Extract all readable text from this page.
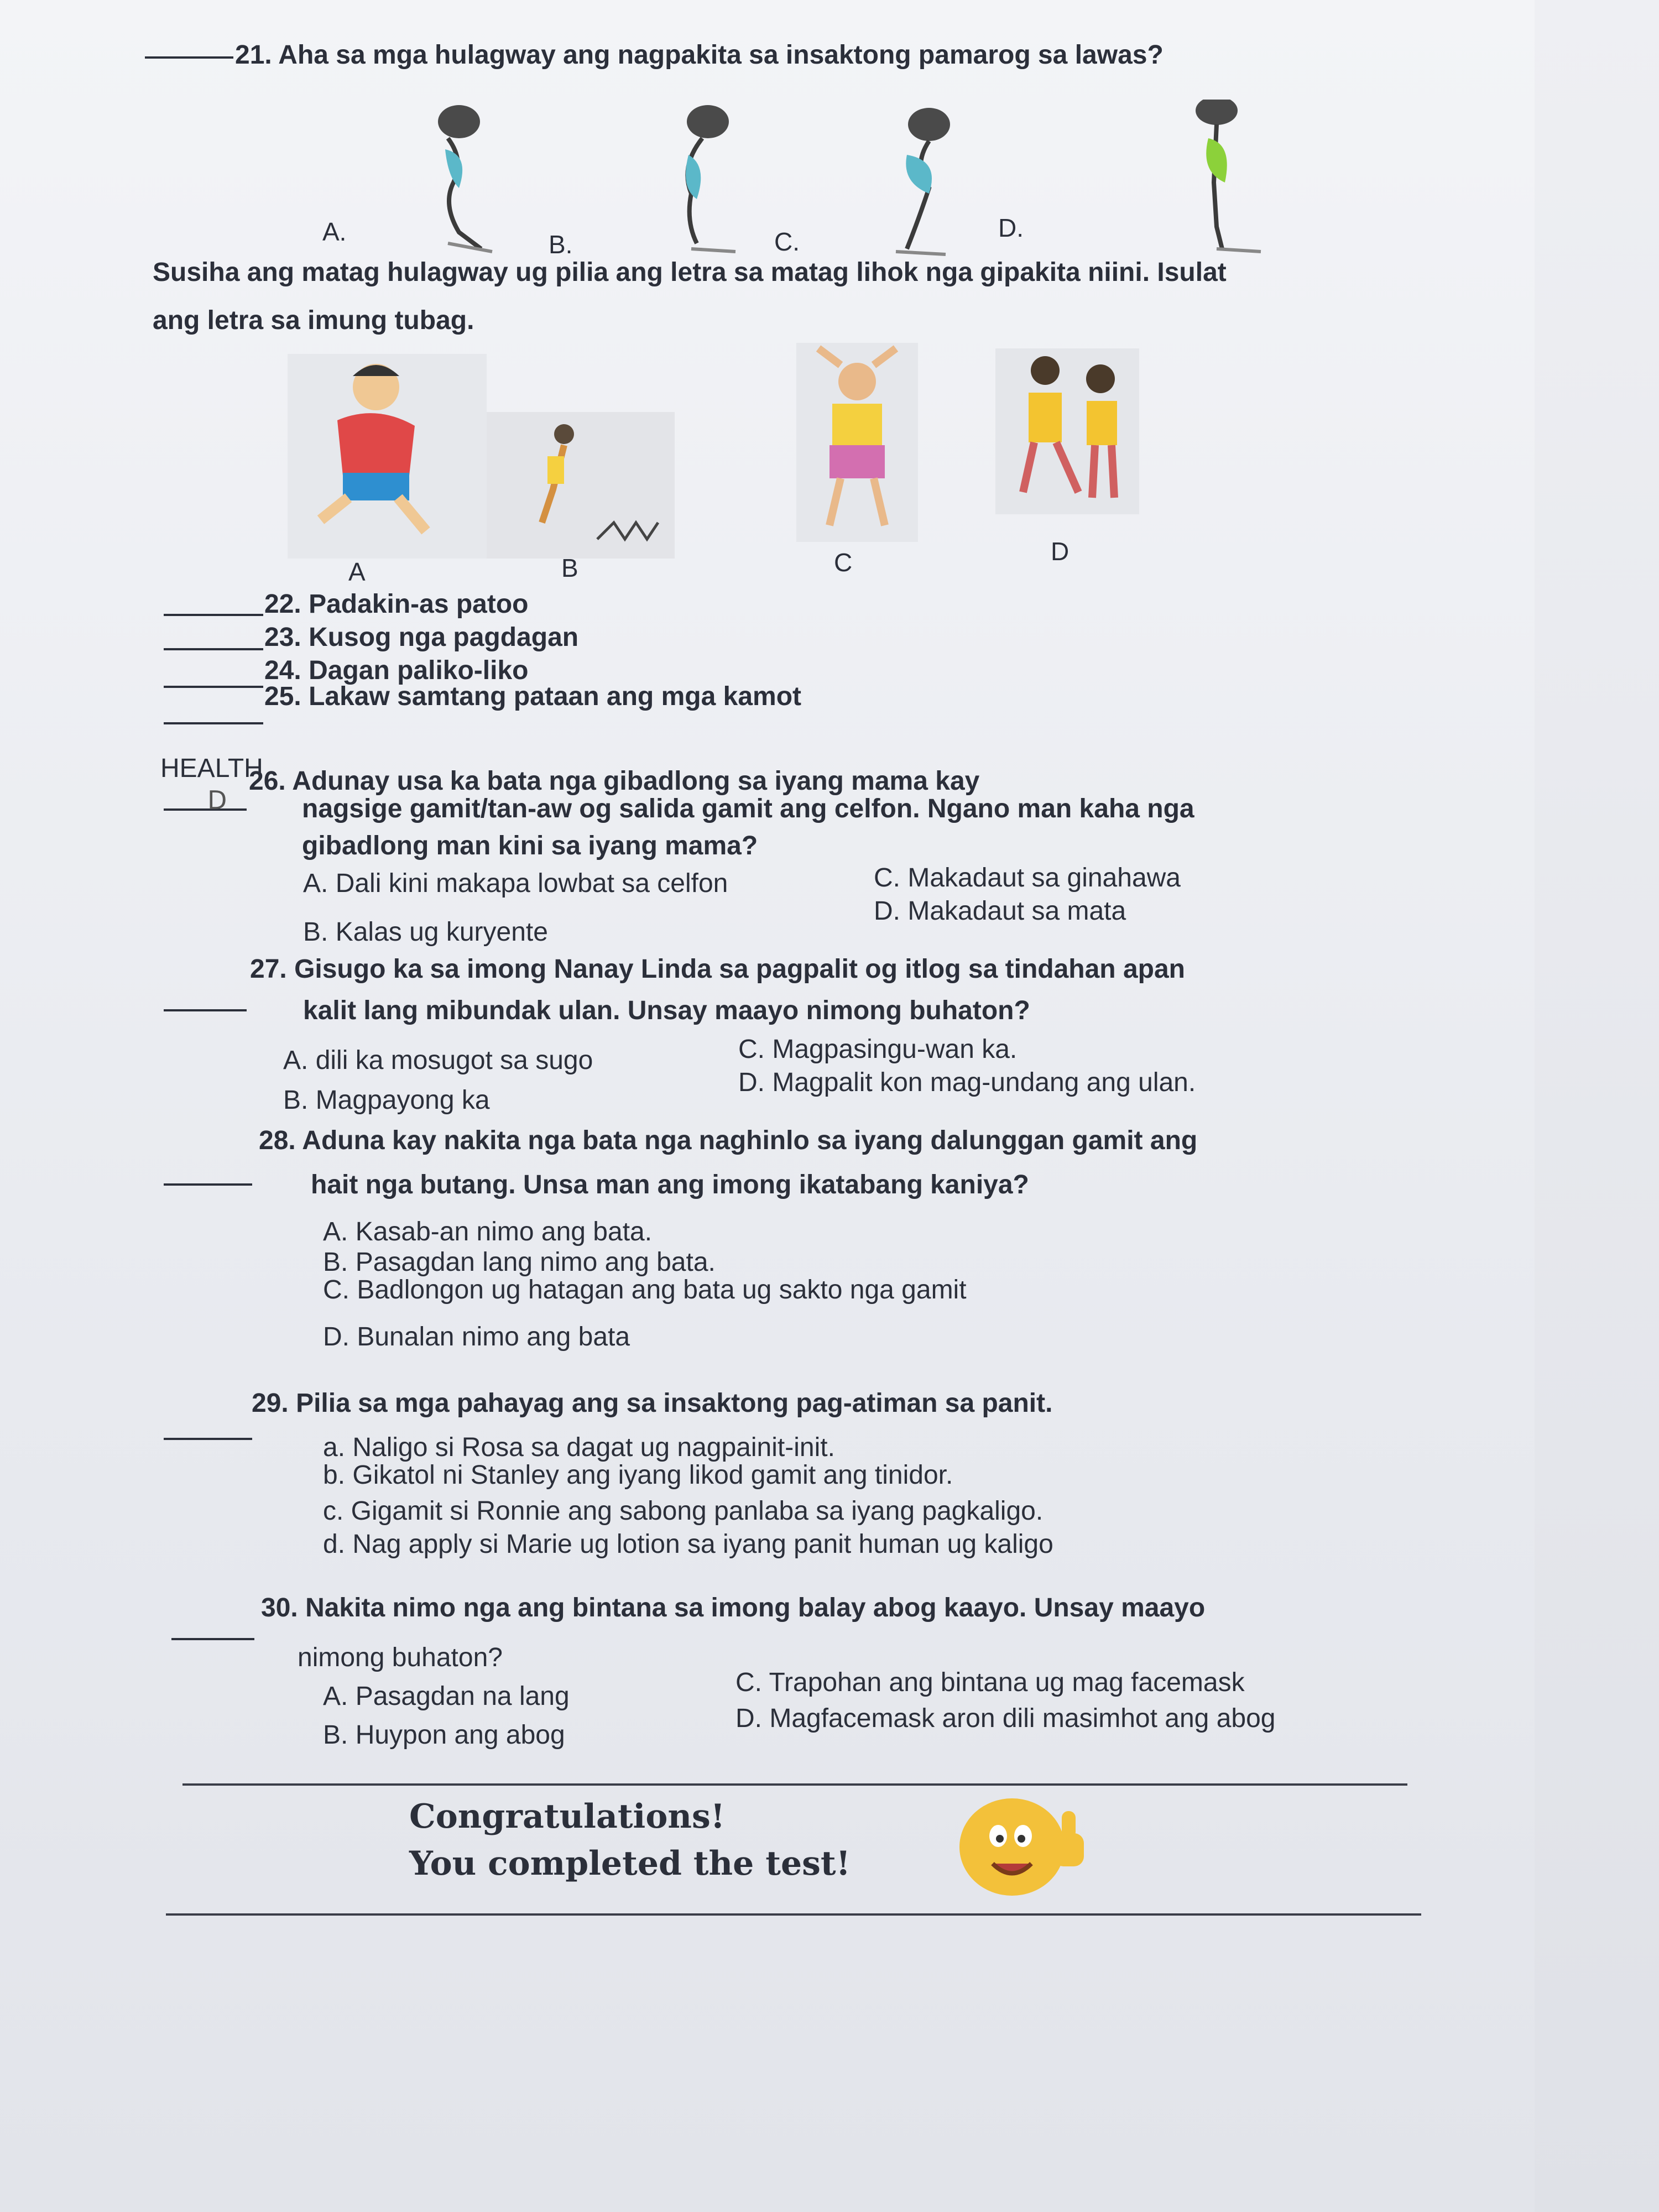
21. Aha sa mga hulagway ang nagpakita sa insaktong pamarog sa lawas?
A.	B.	C.	D.
Susiha ang matag hulagway ug pilia ang letra sa matag lihok nga gipakita niini. Isulat
ang letra sa imung tubag.
A	B	C	D
22. Padakin-as patoo
23. Kusog nga pagdagan
24. Dagan paliko-liko
25. Lakaw samtang pataan ang mga kamot
HEALTH
D
26. Adunay usa ka bata nga gibadlong sa iyang mama kay
nagsige gamit/tan-aw og salida gamit ang celfon. Ngano man kaha nga
gibadlong man kini sa iyang mama?
A. Dali kini makapa lowbat sa celfon	C. Makadaut sa ginahawa
B. Kalas ug kuryente
D. Makadaut sa mata
27. Gisugo ka sa imong Nanay Linda sa pagpalit og itlog sa tindahan apan
kalit lang mibundak ulan. Unsay maayo nimong buhaton?
A. dili ka mosugot sa sugo	C. Magpasingu-wan ka.
B. Magpayong ka
D. Magpalit kon mag-undang ang ulan.
28. Aduna kay nakita nga bata nga naghinlo sa iyang dalunggan gamit ang
hait nga butang. Unsa man ang imong ikatabang kaniya?
A. Kasab-an nimo ang bata.
B. Pasagdan lang nimo ang bata.
C. Badlongon ug hatagan ang bata ug sakto nga gamit
D. Bunalan nimo ang bata
29. Pilia sa mga pahayag ang sa insaktong pag-atiman sa panit.
a. Naligo si Rosa sa dagat ug nagpainit-init.
b. Gikatol ni Stanley ang iyang likod gamit ang tinidor.
c. Gigamit si Ronnie ang sabong panlaba sa iyang pagkaligo.
d. Nag apply si Marie ug lotion sa iyang panit human ug kaligo
30. Nakita nimo nga ang bintana sa imong balay abog kaayo. Unsay maayo
nimong buhaton?
A. Pasagdan na lang	C. Trapohan ang bintana ug mag facemask
B. Huypon ang abog
D. Magfacemask aron dili masimhot ang abog
Congratulations!
You completed the test!
